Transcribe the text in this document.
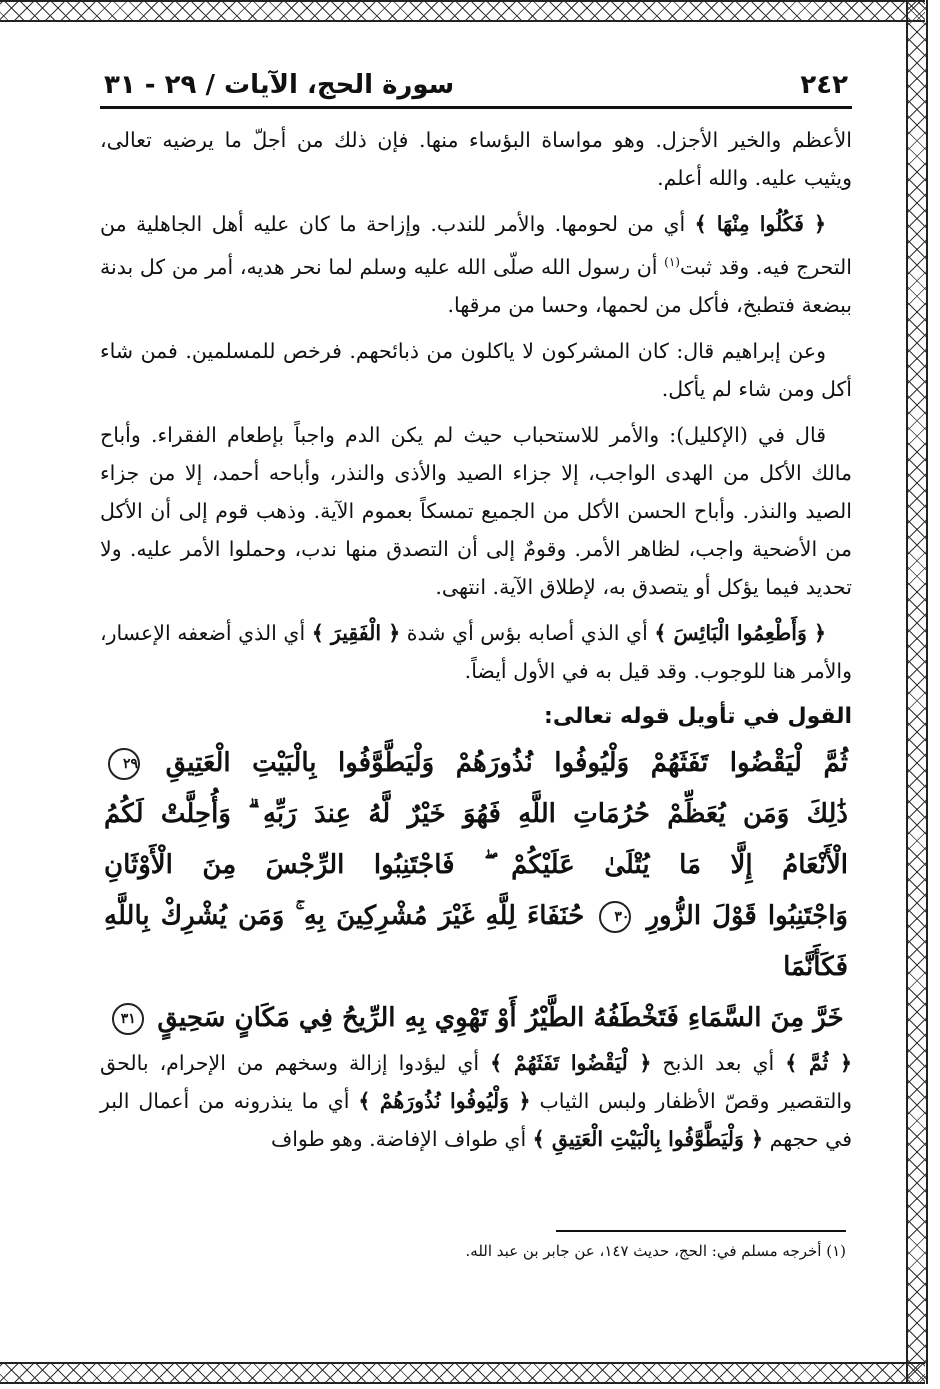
٢٤٢
سورة الحج، الآيات / ٢٩ - ٣١

الأعظم والخير الأجزل. وهو مواساة البؤساء منها. فإن ذلك من أجلّ ما يرضيه تعالى، ويثيب عليه. والله أعلم.

﴿ فَكُلُوا مِنْهَا ﴾ أي من لحومها. والأمر للندب. وإزاحة ما كان عليه أهل الجاهلية من التحرج فيه. وقد ثبت$^{(١)}$ أن رسول الله صلّى الله عليه وسلم لما نحر هديه، أمر من كل بدنة ببضعة فتطبخ، فأكل من لحمها، وحسا من مرقها.

وعن إبراهيم قال: كان المشركون لا ياكلون من ذبائحهم. فرخص للمسلمين. فمن شاء أكل ومن شاء لم يأكل.

قال في (الإكليل): والأمر للاستحباب حيث لم يكن الدم واجباً بإطعام الفقراء. وأباح مالك الأكل من الهدى الواجب، إلا جزاء الصيد والأذى والنذر، وأباحه أحمد، إلا من جزاء الصيد والنذر. وأباح الحسن الأكل من الجميع تمسكاً بعموم الآية. وذهب قوم إلى أن الأكل من الأضحية واجب، لظاهر الأمر. وقومٌ إلى أن التصدق منها ندب، وحملوا الأمر عليه. ولا تحديد فيما يؤكل أو يتصدق به، لإطلاق الآية. انتهى.

﴿ وَأَطْعِمُوا الْبَائِسَ ﴾ أي الذي أصابه بؤس أي شدة ﴿ الْفَقِيرَ ﴾ أي الذي أضعفه الإعسار، والأمر هنا للوجوب. وقد قيل به في الأول أيضاً.

القول في تأويل قوله تعالى:
ثُمَّ لْيَقْضُوا تَفَثَهُمْ وَلْيُوفُوا نُذُورَهُمْ وَلْيَطَّوَّفُوا بِالْبَيْتِ الْعَتِيقِ ٢٩
ذَٰلِكَ وَمَن يُعَظِّمْ حُرُمَاتِ اللَّهِ فَهُوَ خَيْرٌ لَّهُ عِندَ رَبِّهِ ۗ وَأُحِلَّتْ لَكُمُ
الْأَنْعَامُ إِلَّا مَا يُتْلَىٰ عَلَيْكُمْ ۖ فَاجْتَنِبُوا الرِّجْسَ مِنَ الْأَوْثَانِ
وَاجْتَنِبُوا قَوْلَ الزُّورِ ٣٠ حُنَفَاءَ لِلَّهِ غَيْرَ مُشْرِكِينَ بِهِ ۚ وَمَن يُشْرِكْ بِاللَّهِ فَكَأَنَّمَا
خَرَّ مِنَ السَّمَاءِ فَتَخْطَفُهُ الطَّيْرُ أَوْ تَهْوِي بِهِ الرِّيحُ فِي مَكَانٍ سَحِيقٍ ٣١

﴿ ثُمَّ ﴾ أي بعد الذبح ﴿ لْيَقْضُوا تَفَثَهُمْ ﴾ أي ليؤدوا إزالة وسخهم من الإحرام، بالحق والتقصير وقصّ الأظفار ولبس الثياب ﴿ وَلْيُوفُوا نُذُورَهُمْ ﴾ أي ما ينذرونه من أعمال البر في حجهم ﴿ وَلْيَطَّوَّفُوا بِالْبَيْتِ الْعَتِيقِ ﴾ أي طواف الإفاضة. وهو طواف

(١) أخرجه مسلم في: الحج، حديث ١٤٧، عن جابر بن عبد الله.
